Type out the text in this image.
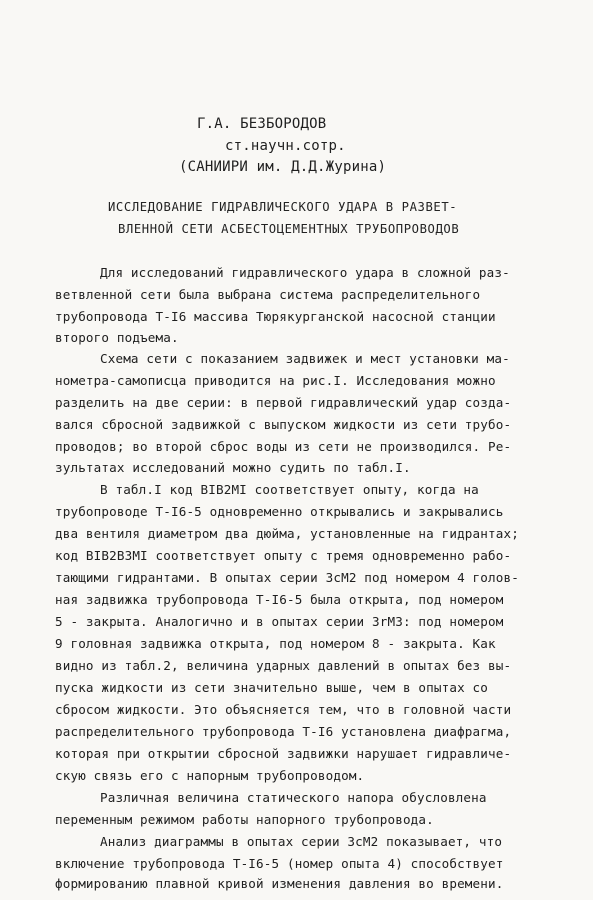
Г.А. БЕЗБОРОДОВ
ст.научн.сотр.
(САНИИРИ им. Д.Д.Журина)
ИССЛЕДОВАНИЕ ГИДРАВЛИЧЕСКОГО УДАРА В РАЗВЕТ-
ВЛЕННОЙ СЕТИ АСБЕСТОЦЕМЕНТНЫХ ТРУБОПРОВОДОВ
Для исследований гидравлического удара в сложной раз-
ветвленной сети была выбрана система распределительного
трубопровода Т-I6 массива Тюрякурганской насосной станции
второго подъема.
Схема сети с показанием задвижек и мест установки ма-
нометра-самописца приводится на рис.I. Исследования можно
разделить на две серии: в первой гидравлический удар созда-
вался сбросной задвижкой с выпуском жидкости из сети трубо-
проводов; во второй сброс воды из сети не производился. Ре-
зультатах исследований можно судить по табл.I.
В табл.I код BIB2MI соответствует опыту, когда на
трубопроводе Т-I6-5 одновременно открывались и закрывались
два вентиля диаметром два дюйма, установленные на гидрантах;
код BIB2B3MI соответствует опыту с тремя одновременно рабо-
тающими гидрантами. В опытах серии 3cM2 под номером 4 голов-
ная задвижка трубопровода Т-I6-5 была открыта, под номером
5 - закрыта. Аналогично и в опытах серии 3rM3: под номером
9 головная задвижка открыта, под номером 8 - закрыта. Как
видно из табл.2, величина ударных давлений в опытах без вы-
пуска жидкости из сети значительно выше, чем в опытах со
сбросом жидкости. Это объясняется тем, что в головной части
распределительного трубопровода Т-I6 установлена диафрагма,
которая при открытии сбросной задвижки нарушает гидравличе-
скую связь его с напорным трубопроводом.
Различная величина статического напора обусловлена
переменным режимом работы напорного трубопровода.
Анализ диаграммы в опытах серии 3cM2 показывает, что
включение трубопровода Т-I6-5 (номер опыта 4) способствует
формированию плавной кривой изменения давления во времени.
